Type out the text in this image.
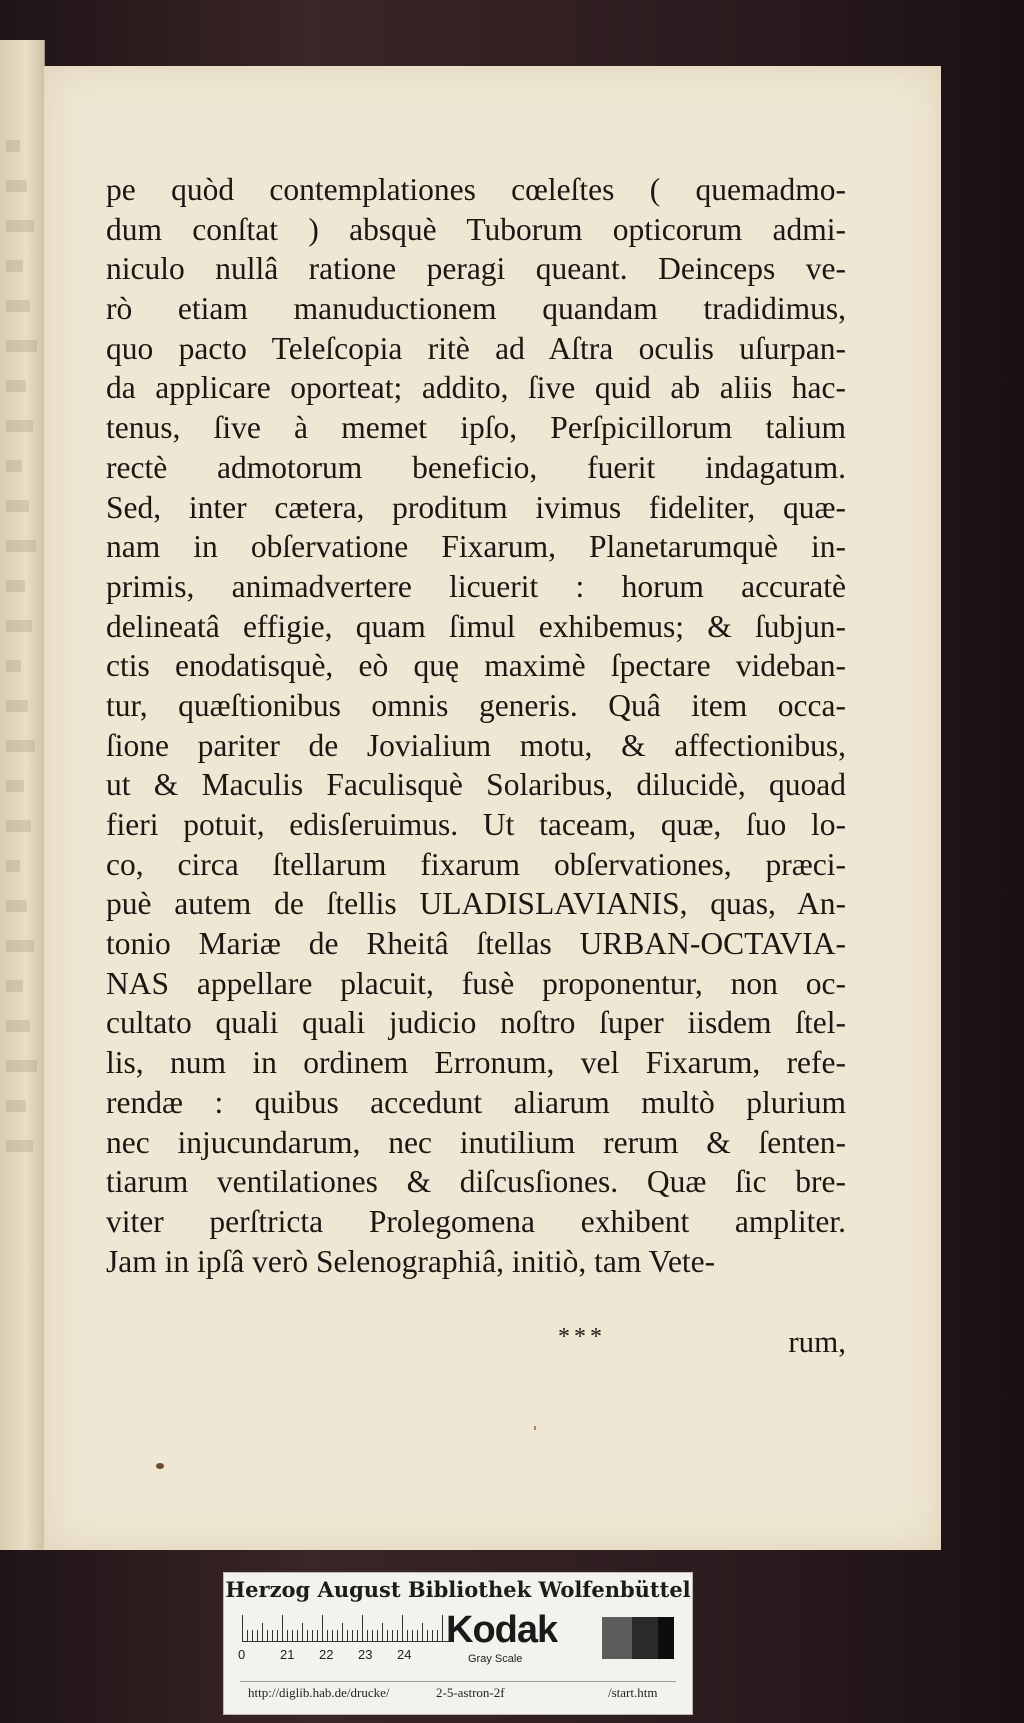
pe quòd contemplationes cœleſtes ( quemadmo-
dum conſtat ) absquè Tuborum opticorum admi-
niculo nullâ ratione peragi queant. Deinceps ve-
rò etiam manuductionem quandam tradidimus,
quo pacto Teleſcopia ritè ad Aſtra oculis uſurpan-
da applicare oporteat; addito, ſive quid ab aliis hac-
tenus, ſive à memet ipſo, Perſpicillorum talium
rectè admotorum beneficio, fuerit indagatum.
Sed, inter cætera, proditum ivimus fideliter, quæ-
nam in obſervatione Fixarum, Planetarumquè in-
primis, animadvertere licuerit : horum accuratè
delineatâ effigie, quam ſimul exhibemus; & ſubjun-
ctis enodatisquè, eò quę maximè ſpectare videban-
tur, quæſtionibus omnis generis. Quâ item occa-
ſione pariter de Jovialium motu, & affectionibus,
ut & Maculis Faculisquè Solaribus, dilucidè, quoad
fieri potuit, edisſeruimus. Ut taceam, quæ, ſuo lo-
co, circa ſtellarum fixarum obſervationes, præci-
puè autem de ſtellis ULADISLAVIANIS, quas, An-
tonio Mariæ de Rheitâ ſtellas URBAN-OCTAVIA-
NAS appellare placuit, fusè proponentur, non oc-
cultato quali quali judicio noſtro ſuper iisdem ſtel-
lis, num in ordinem Erronum, vel Fixarum, refe-
rendæ : quibus accedunt aliarum multò plurium
nec injucundarum, nec inutilium rerum & ſenten-
tiarum ventilationes & diſcusſiones. Quæ ſic bre-
viter perſtricta Prolegomena exhibent ampliter.
Jam in ipſâ verò Selenographiâ, initiò, tam Vete-
***	rum,
Herzog August Bibliothek Wolfenbüttel
0	21 22 23 24
Kodak
Gray Scale
http://diglib.hab.de/drucke/	2-5-astron-2f	/start.htm
